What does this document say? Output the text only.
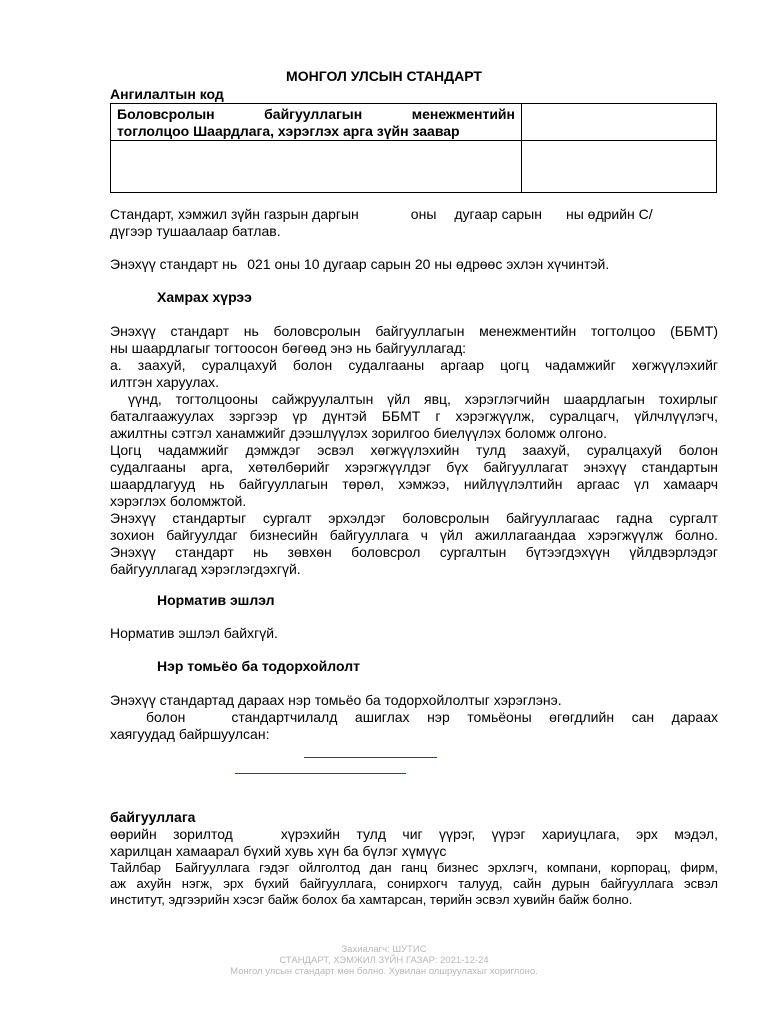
МОНГОЛ УЛСЫН СТАНДАРТ
Ангилалтын код
Боловсролын байгууллагын менежментийн
тоглолцоо Шаардлага, хэрэглэх арга зүйн заавар	

Стандарт, хэмжил зүйн газрын даргын	оны дугаар сарын ны өдрийн С/
дүгээр тушаалаар батлав.
Энэхүү стандарт нь 021 оны 10 дугаар сарын 20 ны өдрөөс эхлэн хүчинтэй.
Хамрах хүрээ
Энэхүү стандарт нь боловсролын байгууллагын менежментийн тогтолцоо (ББМТ)
ны шаардлагыг тогтоосон бөгөөд энэ нь байгууллагад:
а. заахуй, суралцахуй болон судалгааны аргаар цогц чадамжийг хөгжүүлэхийг
илтгэн харуулах.
үүнд, тогтолцооны сайжруулалтын үйл явц, хэрэглэгчийн шаардлагын тохирлыг
баталгаажуулах зэргээр үр дүнтэй ББМТ г хэрэгжүүлж, суралцагч, үйлчлүүлэгч,
ажилтны сэтгэл ханамжийг дээшлүүлэх зорилгоо биелүүлэх боломж олгоно.
Цогц чадамжийг дэмждэг эсвэл хөгжүүлэхийн тулд заахуй, суралцахуй болон
судалгааны арга, хөтөлбөрийг хэрэгжүүлдэг бүх байгууллагат энэхүү стандартын
шаардлагууд нь байгууллагын төрөл, хэмжээ, нийлүүлэлтийн аргаас үл хамаарч
хэрэглэх боломжтой.
Энэхүү стандартыг сургалт эрхэлдэг боловсролын байгууллагаас гадна сургалт
зохион байгуулдаг бизнесийн байгууллага ч үйл ажиллагаандаа хэрэгжүүлж болно.
Энэхүү стандарт нь зөвхөн боловсрол сургалтын бүтээгдэхүүн үйлдвэрлэдэг
байгууллагад хэрэглэгдэхгүй.
Норматив эшлэл
Норматив эшлэл байхгүй.
Нэр томьёо ба тодорхойлолт
Энэхүү стандартад дараах нэр томьёо ба тодорхойлолтыг хэрэглэнэ.
болон	стандартчилалд ашиглах нэр томьёоны өгөгдлийн сан дараах
хаягуудад байршуулсан:
байгууллага
өөрийн зорилтод	хүрэхийн тулд чиг үүрэг, үүрэг хариуцлага, эрх мэдэл,
харилцан хамаарал бүхий хувь хүн ба бүлэг хүмүүс
Тайлбар Байгууллага гэдэг ойлголтод дан ганц бизнес эрхлэгч, компани, корпорац, фирм,
аж ахуйн нэгж, эрх бүхий байгууллага, сонирхогч талууд, сайн дурын байгууллага эсвэл
институт, эдгээрийн хэсэг байж болох ба хамтарсан, төрийн эсвэл хувийн байж болно.
Захиалагч: ШУТИС
СТАНДАРТ, ХЭМЖИЛ ЗҮЙН ГАЗАР: 2021-12-24
Монгол улсын стандарт мөн болно. Хувилан олшруулахыг хориглоно.
